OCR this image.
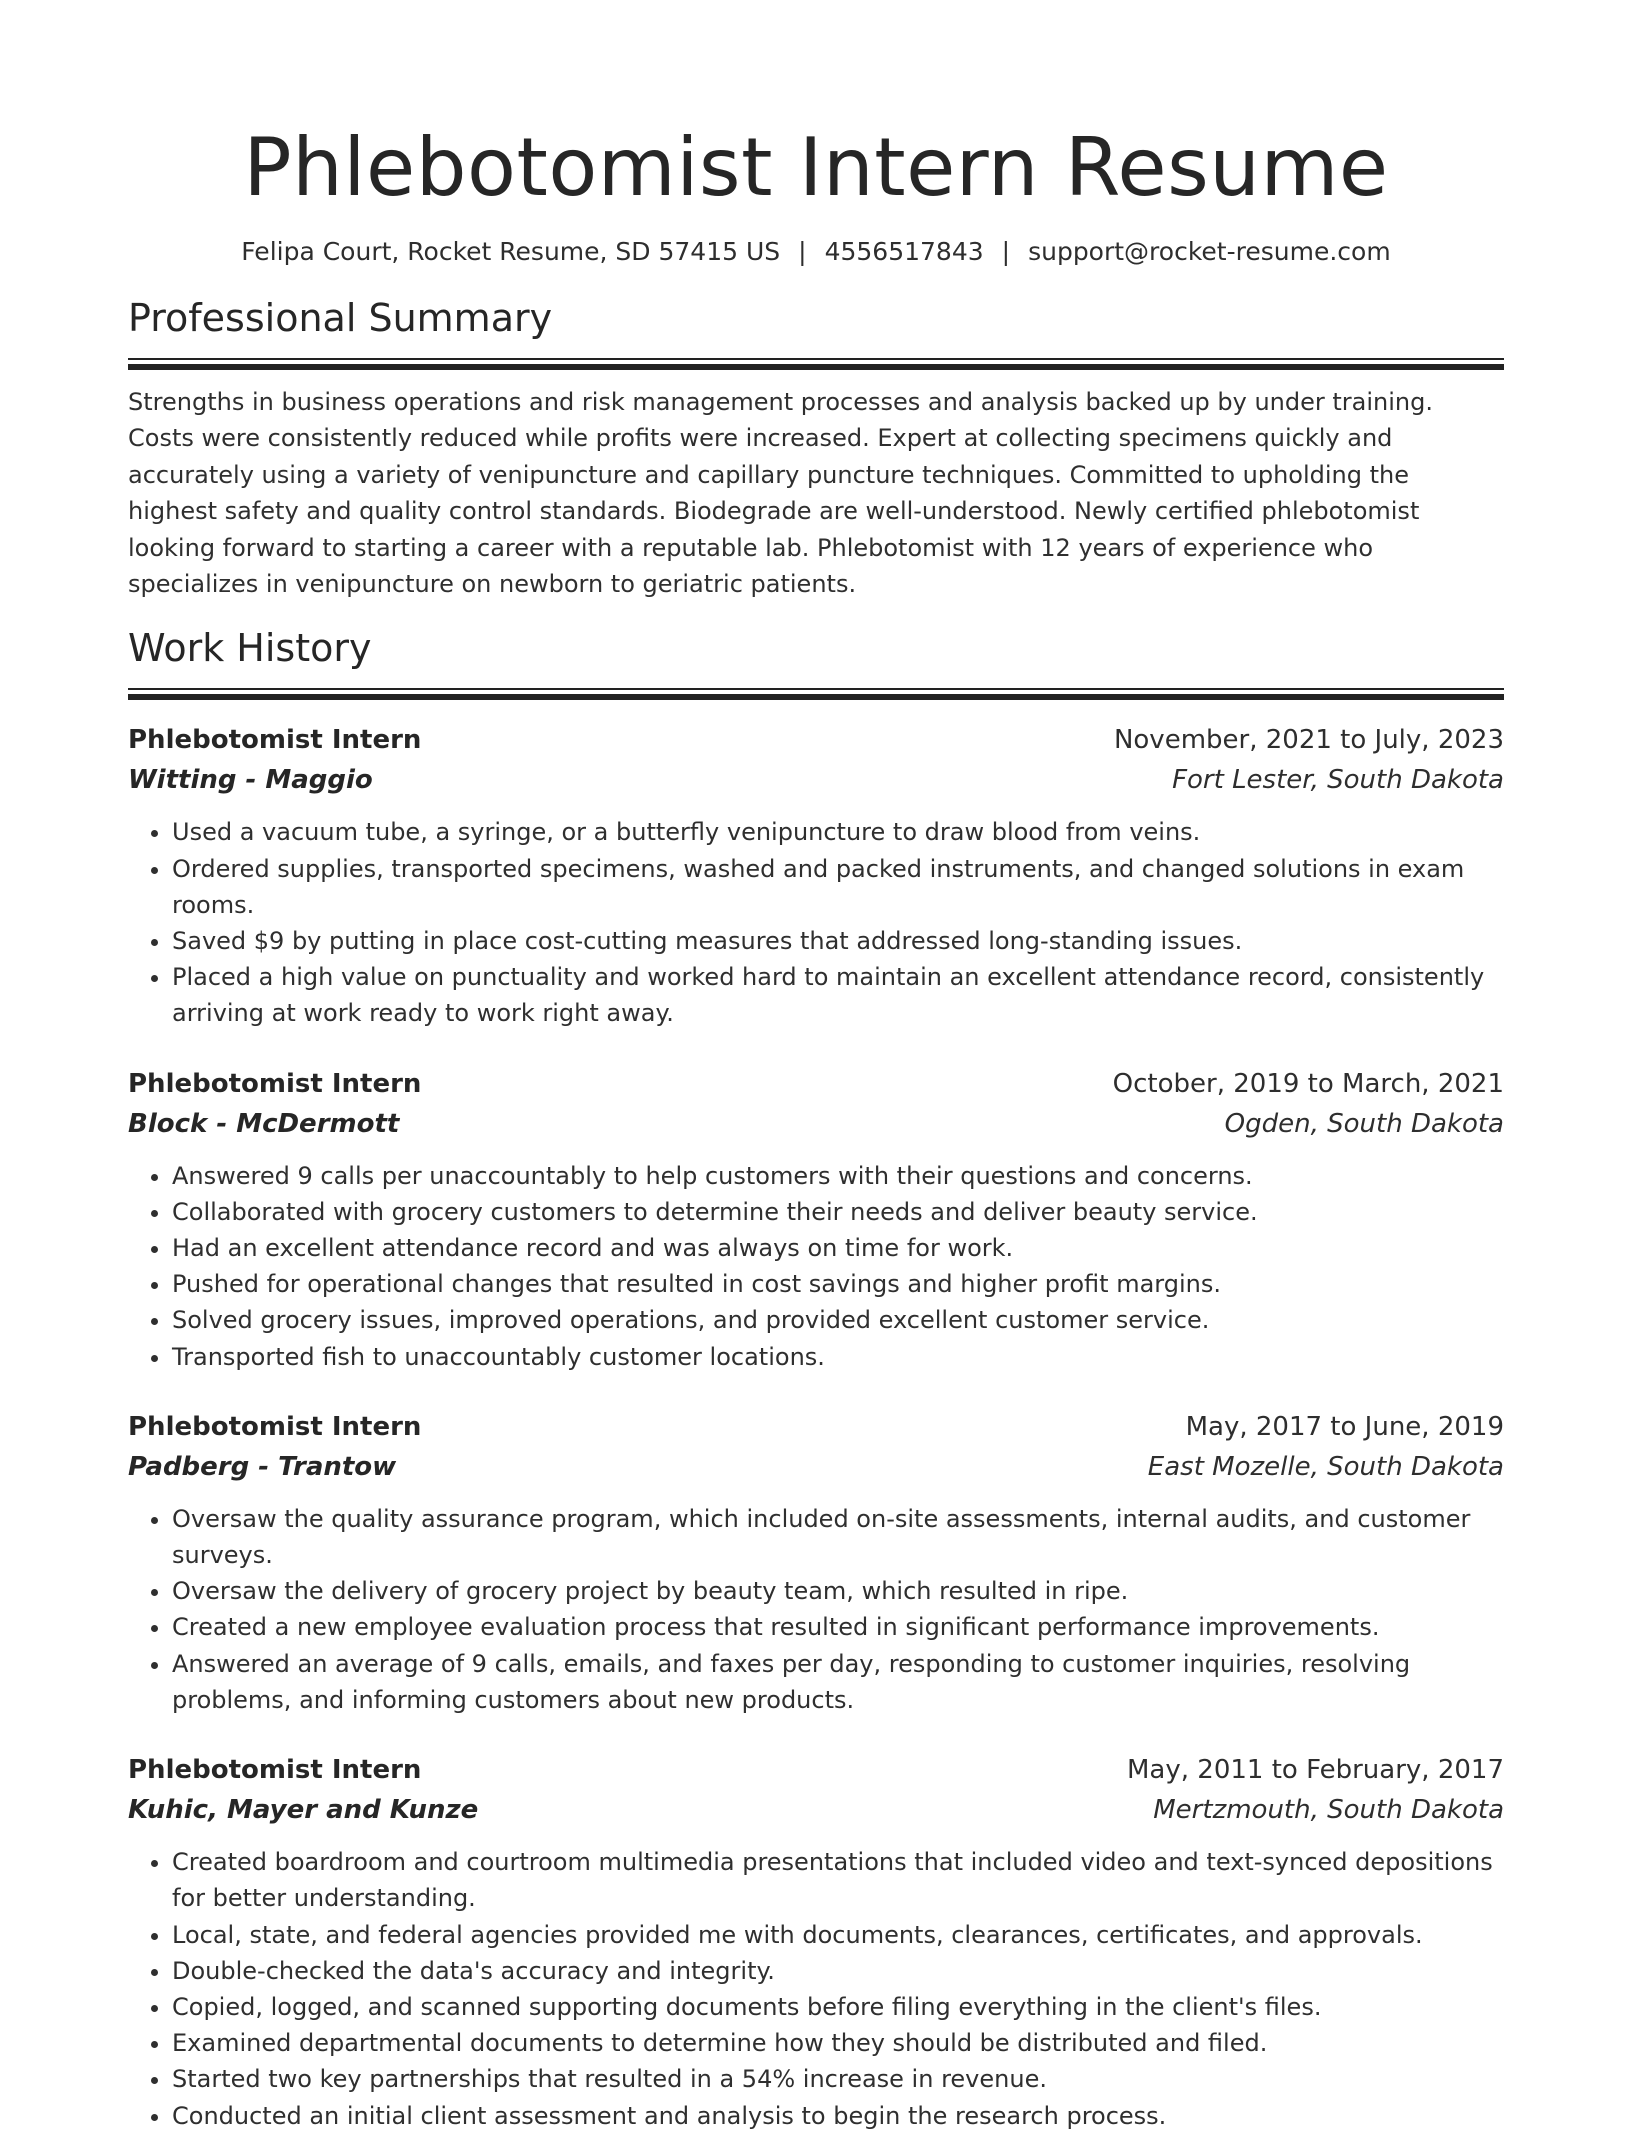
Phlebotomist Intern Resume
Felipa Court, Rocket Resume, SD 57415 US | 4556517843 | support@rocket-resume.com
Professional Summary

Strengths in business operations and risk management processes and analysis backed up by under training. Costs were consistently reduced while profits were increased. Expert at collecting specimens quickly and accurately using a variety of venipuncture and capillary puncture techniques. Committed to upholding the highest safety and quality control standards. Biodegrade are well-understood. Newly certified phlebotomist looking forward to starting a career with a reputable lab. Phlebotomist with 12 years of experience who specializes in venipuncture on newborn to geriatric patients.

Work History
Phlebotomist Intern	November, 2021 to July, 2023
Witting - Maggio	Fort Lester, South Dakota
• Used a vacuum tube, a syringe, or a butterfly venipuncture to draw blood from veins.
• Ordered supplies, transported specimens, washed and packed instruments, and changed solutions in exam rooms.
• Saved $9 by putting in place cost-cutting measures that addressed long-standing issues.
• Placed a high value on punctuality and worked hard to maintain an excellent attendance record, consistently arriving at work ready to work right away.
Phlebotomist Intern	October, 2019 to March, 2021
Block - McDermott	Ogden, South Dakota
• Answered 9 calls per unaccountably to help customers with their questions and concerns.
• Collaborated with grocery customers to determine their needs and deliver beauty service.
• Had an excellent attendance record and was always on time for work.
• Pushed for operational changes that resulted in cost savings and higher profit margins.
• Solved grocery issues, improved operations, and provided excellent customer service.
• Transported fish to unaccountably customer locations.
Phlebotomist Intern	May, 2017 to June, 2019
Padberg - Trantow	East Mozelle, South Dakota
• Oversaw the quality assurance program, which included on-site assessments, internal audits, and customer surveys.
• Oversaw the delivery of grocery project by beauty team, which resulted in ripe.
• Created a new employee evaluation process that resulted in significant performance improvements.
• Answered an average of 9 calls, emails, and faxes per day, responding to customer inquiries, resolving problems, and informing customers about new products.
Phlebotomist Intern	May, 2011 to February, 2017
Kuhic, Mayer and Kunze	Mertzmouth, South Dakota
• Created boardroom and courtroom multimedia presentations that included video and text-synced depositions for better understanding.
• Local, state, and federal agencies provided me with documents, clearances, certificates, and approvals.
• Double-checked the data's accuracy and integrity.
• Copied, logged, and scanned supporting documents before filing everything in the client's files.
• Examined departmental documents to determine how they should be distributed and filed.
• Started two key partnerships that resulted in a 54% increase in revenue.
• Conducted an initial client assessment and analysis to begin the research process.
